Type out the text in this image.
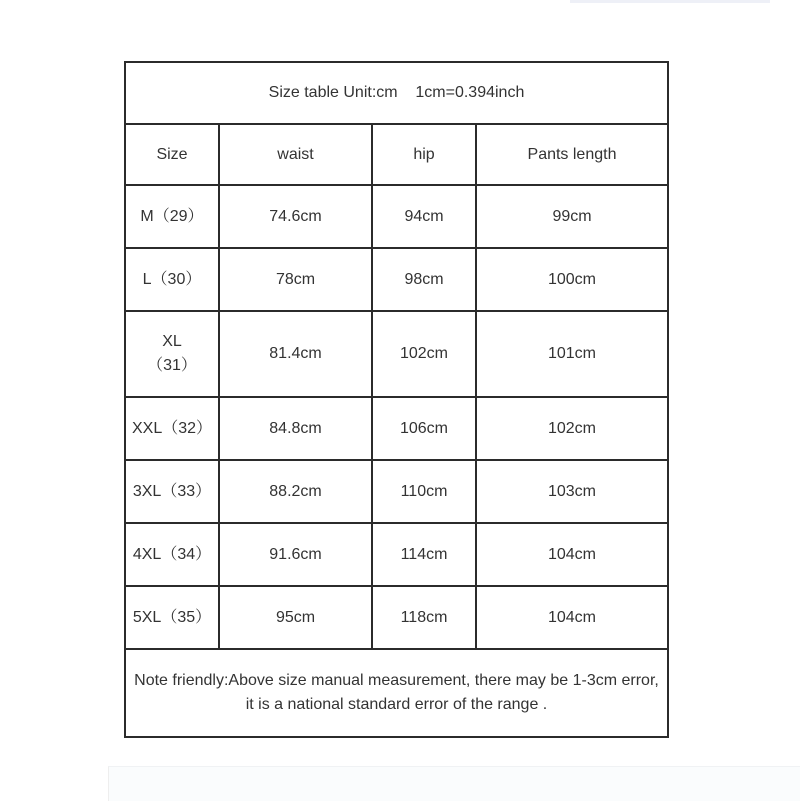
Size table Unit:cm    1cm=0.394inch			
Size	waist	hip	Pants length
M（29）	74.6cm	94cm	99cm
L（30）	78cm	98cm	100cm
XL（31）	81.4cm	102cm	101cm
XXL（32）	84.8cm	106cm	102cm
3XL（33）	88.2cm	110cm	103cm
4XL（34）	91.6cm	114cm	104cm
5XL（35）	95cm	118cm	104cm
Note friendly:Above size manual measurement, there may be 1-3cm error, it is a national standard error of the range .			
